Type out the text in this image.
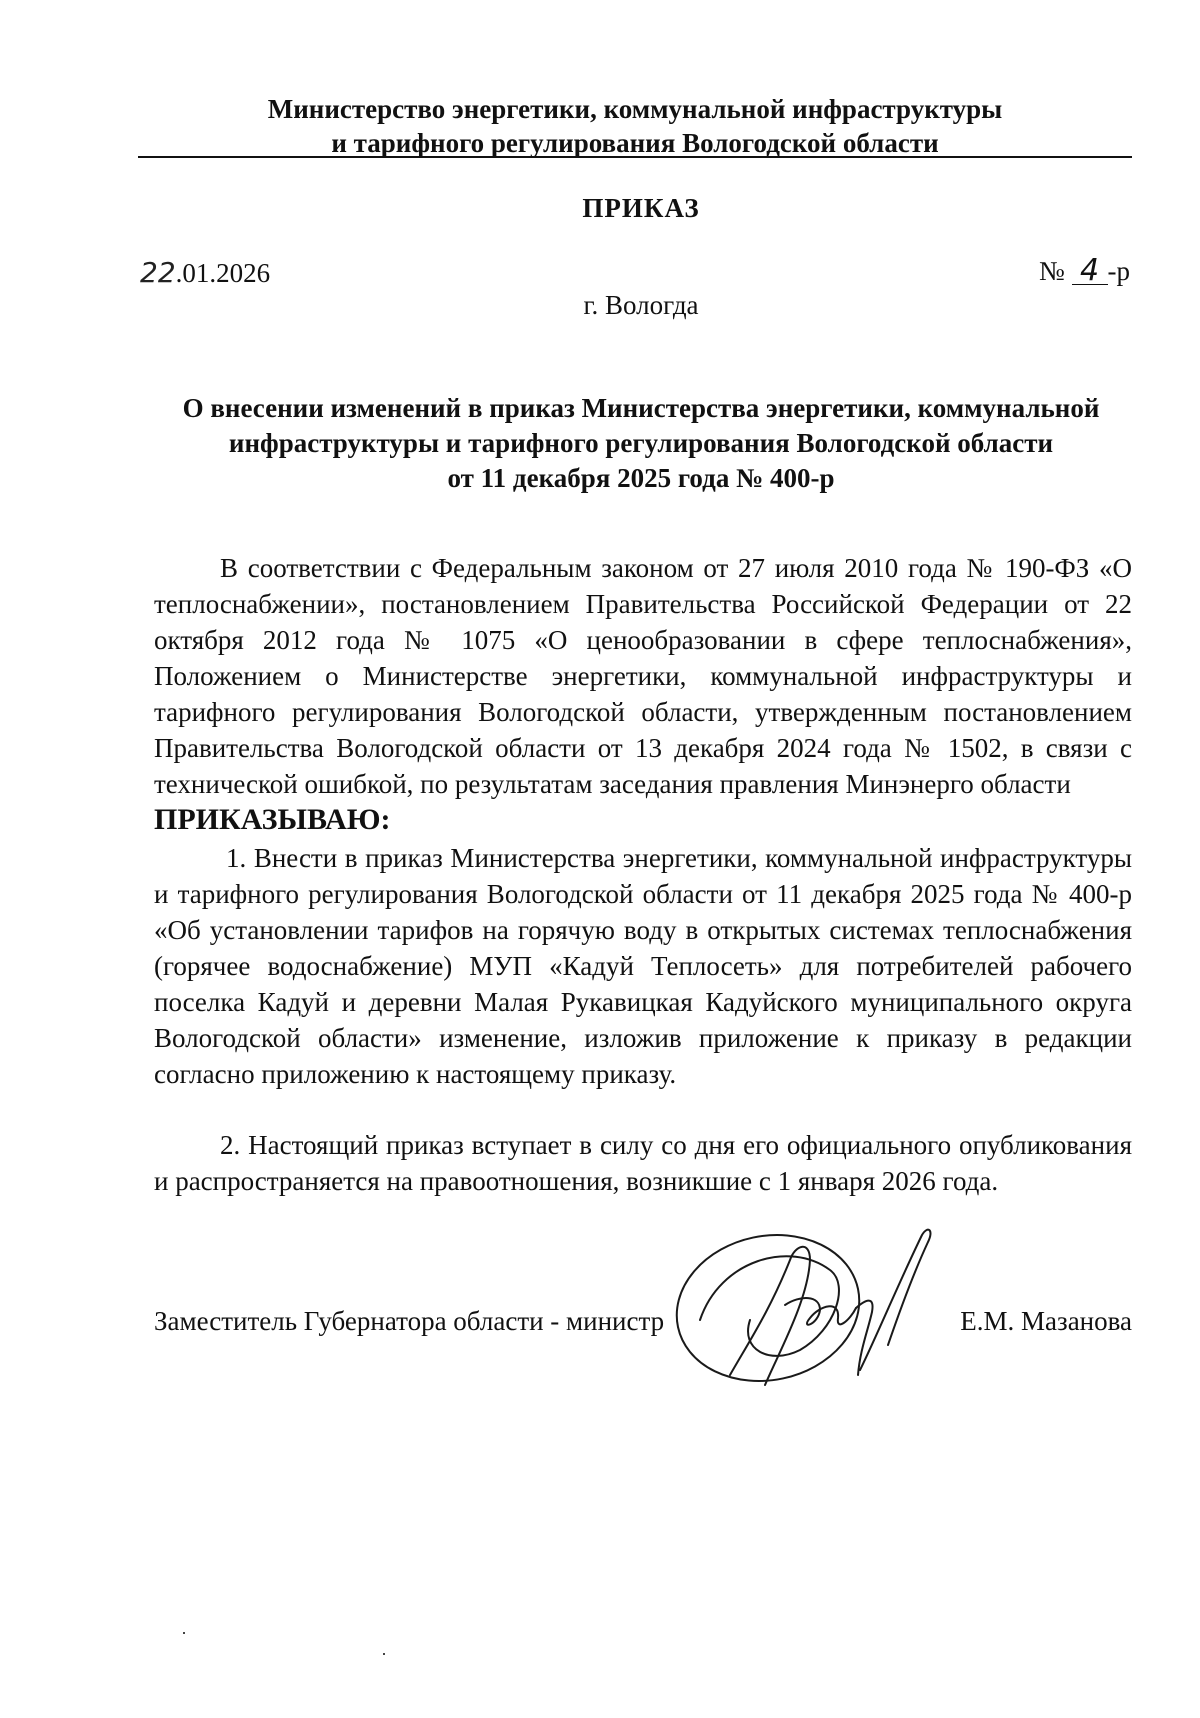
Министерство энергетики, коммунальной инфраструктуры
и тарифного регулирования Вологодской области
ПРИКАЗ
22.01.2026	№ 4 -р
г. Вологда
О внесении изменений в приказ Министерства энергетики, коммунальной
инфраструктуры и тарифного регулирования Вологодской области
от 11 декабря 2025 года № 400-р
В соответствии с Федеральным законом от 27 июля 2010 года № 190-ФЗ «О теплоснабжении», постановлением Правительства Российской Федерации от 22 октября 2012 года № 1075 «О ценообразовании в сфере теплоснабжения», Положением о Министерстве энергетики, коммунальной инфраструктуры и тарифного регулирования Вологодской области, утвержденным постановлением Правительства Вологодской области от 13 декабря 2024 года № 1502, в связи с технической ошибкой, по результатам заседания правления Минэнерго области
ПРИКАЗЫВАЮ:
1. Внести в приказ Министерства энергетики, коммунальной инфраструктуры и тарифного регулирования Вологодской области от 11 декабря 2025 года № 400-р «Об установлении тарифов на горячую воду в открытых системах теплоснабжения (горячее водоснабжение) МУП «Кадуй Теплосеть» для потребителей рабочего поселка Кадуй и деревни Малая Рукавицкая Кадуйского муниципального округа Вологодской области» изменение, изложив приложение к приказу в редакции согласно приложению к настоящему приказу.
2. Настоящий приказ вступает в силу со дня его официального опубликования и распространяется на правоотношения, возникшие с 1 января 2026 года.
Заместитель Губернатора области - министр	Е.М. Мазанова
